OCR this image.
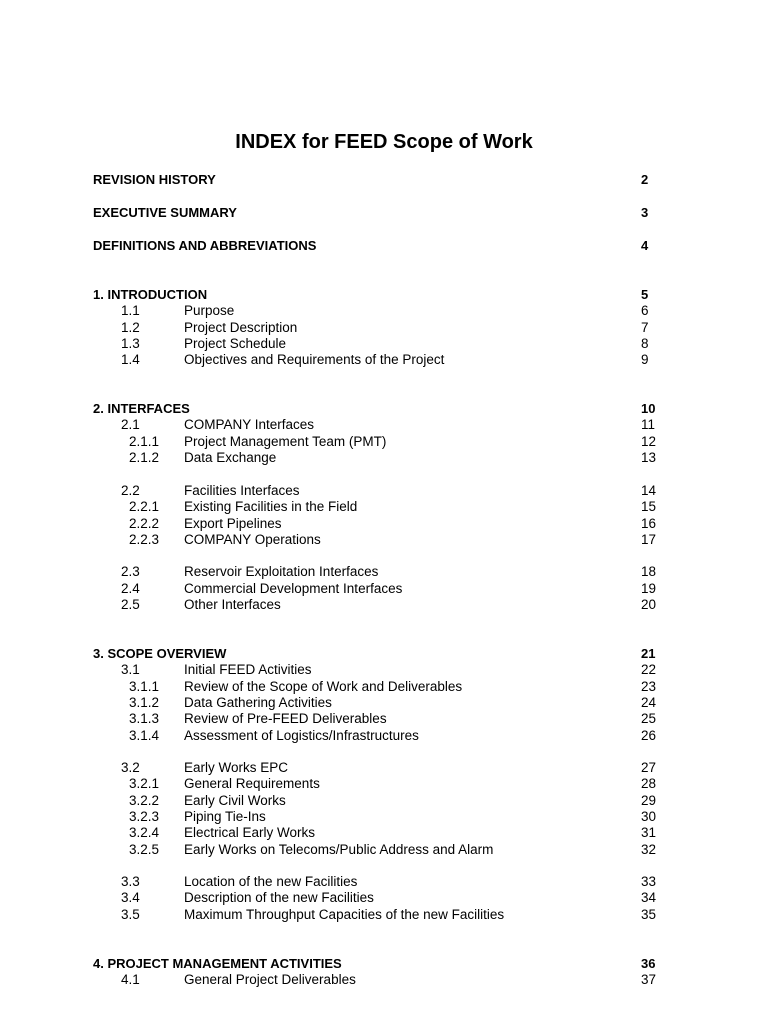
INDEX for FEED Scope of Work
REVISION HISTORY	2
EXECUTIVE SUMMARY	3
DEFINITIONS AND ABBREVIATIONS	4
1. INTRODUCTION	5
1.1	Purpose	6
1.2	Project Description	7
1.3	Project Schedule	8
1.4	Objectives and Requirements of the Project	9
2. INTERFACES	10
2.1	COMPANY Interfaces	11
2.1.1 Project Management Team (PMT)	12
2.1.2 Data Exchange	13
2.2	Facilities Interfaces	14
2.2.1 Existing Facilities in the Field	15
2.2.2 Export Pipelines	16
2.2.3 COMPANY Operations	17
2.3	Reservoir Exploitation Interfaces	18
2.4	Commercial Development Interfaces	19
2.5	Other Interfaces	20
3. SCOPE OVERVIEW	21
3.1	Initial FEED Activities	22
3.1.1 Review of the Scope of Work and Deliverables	23
3.1.2 Data Gathering Activities	24
3.1.3 Review of Pre-FEED Deliverables	25
3.1.4 Assessment of Logistics/Infrastructures	26
3.2	Early Works EPC	27
3.2.1 General Requirements	28
3.2.2 Early Civil Works	29
3.2.3 Piping Tie-Ins	30
3.2.4 Electrical Early Works	31
3.2.5 Early Works on Telecoms/Public Address and Alarm	32
3.3	Location of the new Facilities	33
3.4	Description of the new Facilities	34
3.5	Maximum Throughput Capacities of the new Facilities	35
4. PROJECT MANAGEMENT ACTIVITIES	36
4.1	General Project Deliverables	37
